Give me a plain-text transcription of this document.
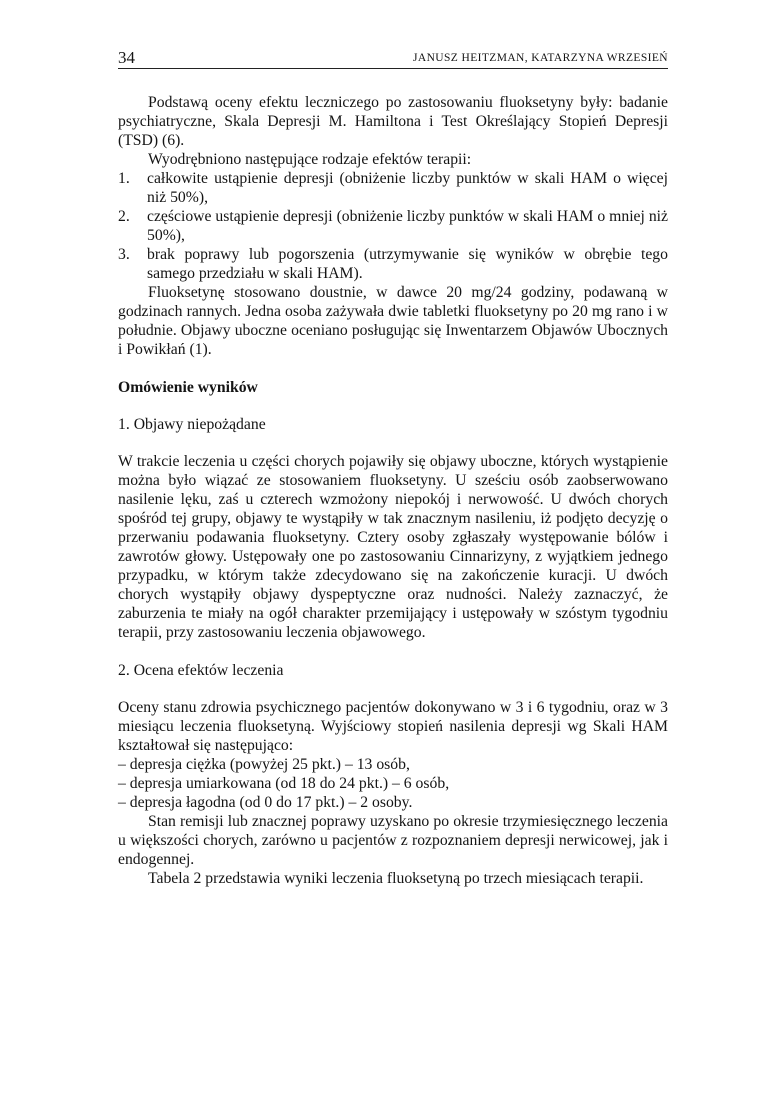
34	JANUSZ HEITZMAN, KATARZYNA WRZESIEŃ

Podstawą oceny efektu leczniczego po zastosowaniu fluoksetyny były: badanie psychiatryczne, Skala Depresji M. Hamiltona i Test Określający Stopień Depresji (TSD) (6).

Wyodrębniono następujące rodzaje efektów terapii:

1. całkowite ustąpienie depresji (obniżenie liczby punktów w skali HAM o więcej niż 50%),
2. częściowe ustąpienie depresji (obniżenie liczby punktów w skali HAM o mniej niż 50%),
3. brak poprawy lub pogorszenia (utrzymywanie się wyników w obrębie tego samego przedziału w skali HAM).

Fluoksetynę stosowano doustnie, w dawce 20 mg/24 godziny, podawaną w godzinach rannych. Jedna osoba zażywała dwie tabletki fluoksetyny po 20 mg rano i w południe. Objawy uboczne oceniano posługując się Inwentarzem Objawów Ubocznych i Powikłań (1).

Omówienie wyników

1. Objawy niepożądane

W trakcie leczenia u części chorych pojawiły się objawy uboczne, których wystąpienie można było wiązać ze stosowaniem fluoksetyny. U sześciu osób zaobserwowano nasilenie lęku, zaś u czterech wzmożony niepokój i nerwowość. U dwóch chorych spośród tej grupy, objawy te wystąpiły w tak znacznym nasileniu, iż podjęto decyzję o przerwaniu podawania fluoksetyny. Cztery osoby zgłaszały występowanie bólów i zawrotów głowy. Ustępowały one po zastosowaniu Cinnarizyny, z wyjątkiem jednego przypadku, w którym także zdecydowano się na zakończenie kuracji. U dwóch chorych wystąpiły objawy dyspeptyczne oraz nudności. Należy zaznaczyć, że zaburzenia te miały na ogół charakter przemijający i ustępowały w szóstym tygodniu terapii, przy zastosowaniu leczenia objawowego.

2. Ocena efektów leczenia

Oceny stanu zdrowia psychicznego pacjentów dokonywano w 3 i 6 tygodniu, oraz w 3 miesiącu leczenia fluoksetyną. Wyjściowy stopień nasilenia depresji wg Skali HAM kształtował się następująco:

– depresja ciężka (powyżej 25 pkt.) – 13 osób,

– depresja umiarkowana (od 18 do 24 pkt.) – 6 osób,

– depresja łagodna (od 0 do 17 pkt.) – 2 osoby.

Stan remisji lub znacznej poprawy uzyskano po okresie trzymiesięcznego leczenia u większości chorych, zarówno u pacjentów z rozpoznaniem depresji nerwicowej, jak i endogennej.

Tabela 2 przedstawia wyniki leczenia fluoksetyną po trzech miesiącach terapii.
